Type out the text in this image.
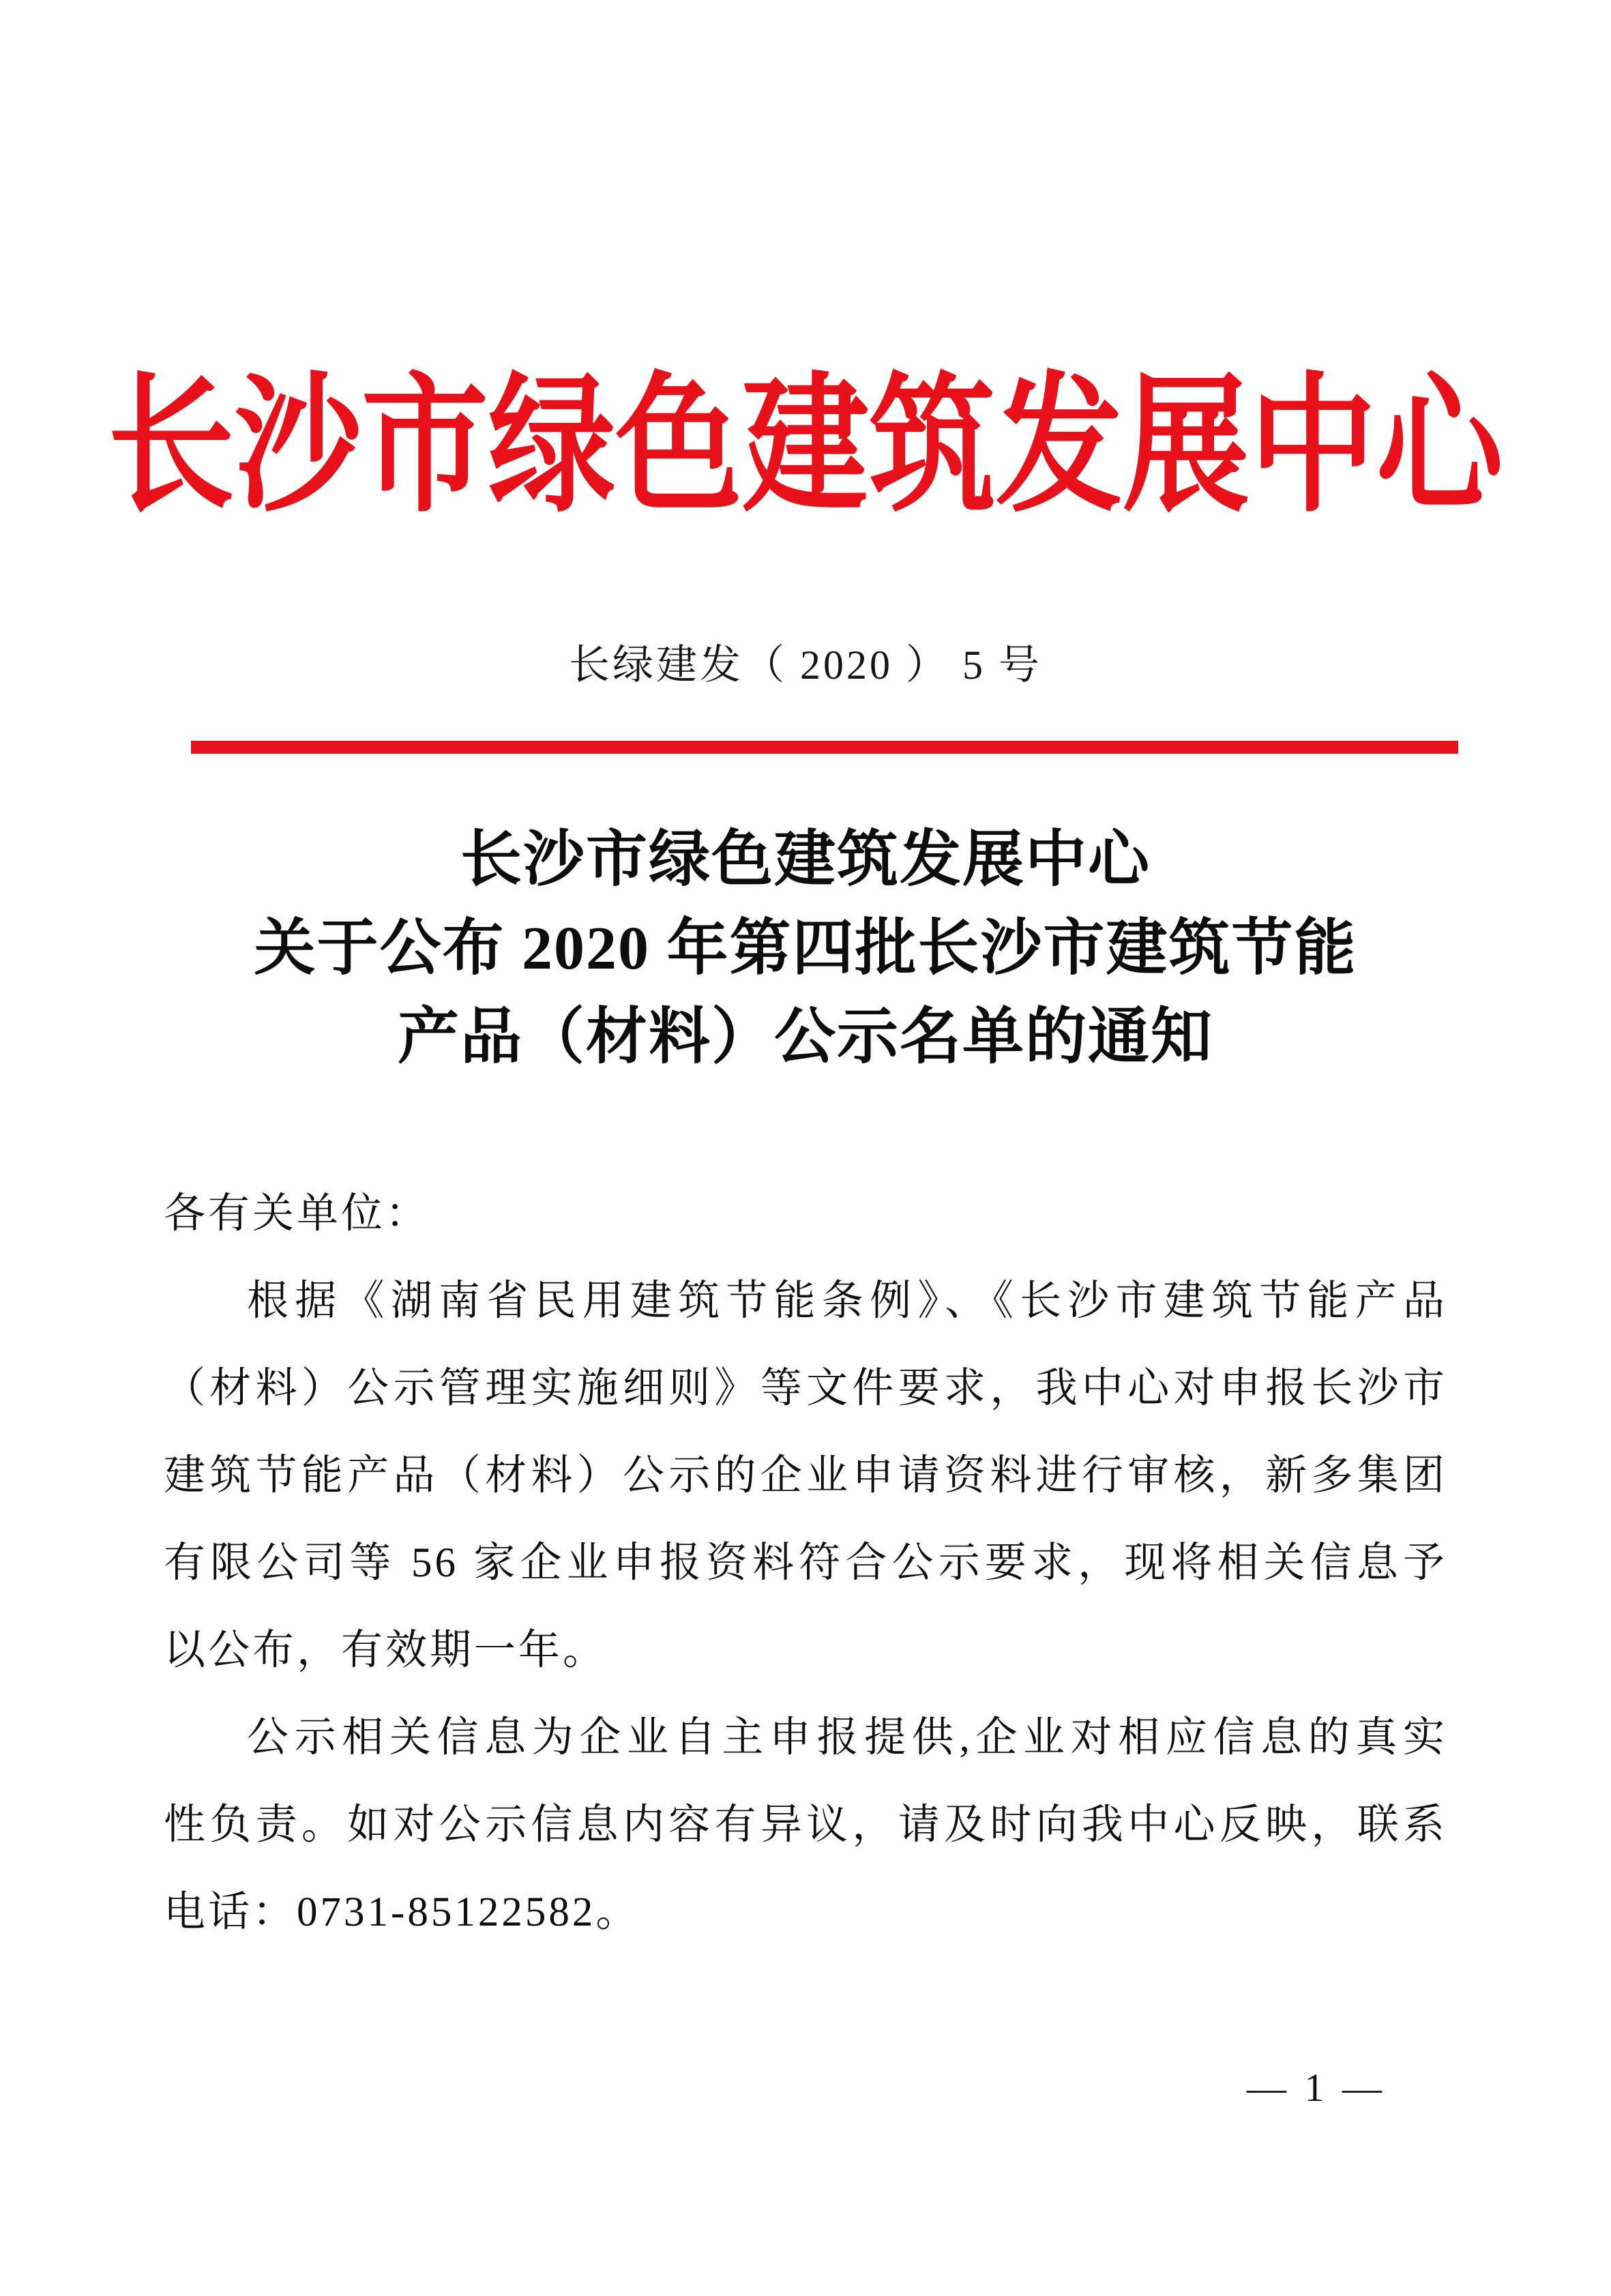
长沙市绿色建筑发展中心
长绿建发（ 2020 ） 5 号
长沙市绿色建筑发展中心
关于公布 2020 年第四批长沙市建筑节能
产品（材料）公示名单的通知
各有关单位：
根据《湖南省民用建筑节能条例》、《长沙市建筑节能产品
（材料）公示管理实施细则》等文件要求，我中心对申报长沙市
建筑节能产品（材料）公示的企业申请资料进行审核，新多集团
有限公司等 56 家企业申报资料符合公示要求，现将相关信息予
以公布，有效期一年。
公示相关信息为企业自主申报提供,企业对相应信息的真实
性负责。如对公示信息内容有异议，请及时向我中心反映，联系
电话：0731-85122582。
— 1 —
